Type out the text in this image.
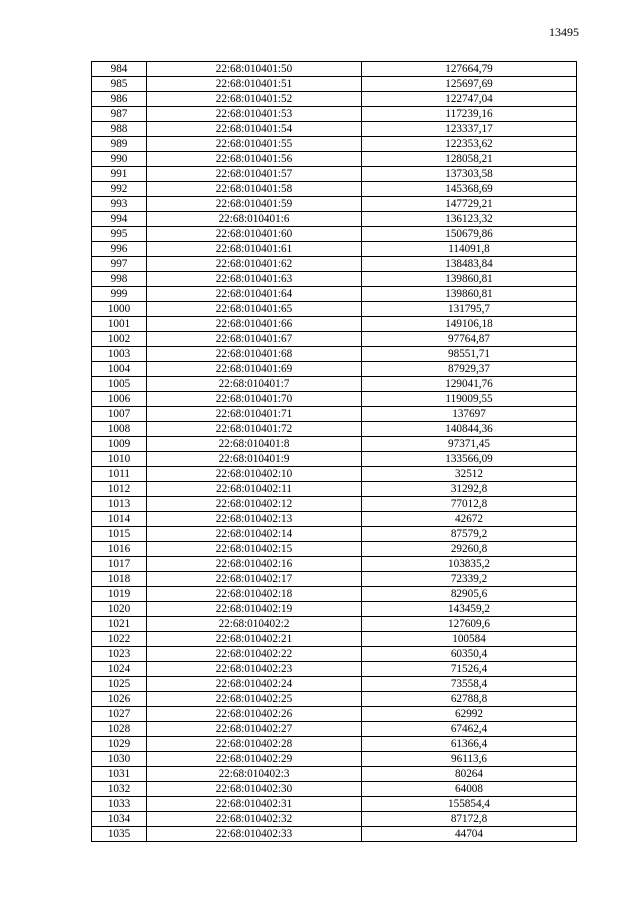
13495
984	22:68:010401:50	127664,79
985	22:68:010401:51	125697,69
986	22:68:010401:52	122747,04
987	22:68:010401:53	117239,16
988	22:68:010401:54	123337,17
989	22:68:010401:55	122353,62
990	22:68:010401:56	128058,21
991	22:68:010401:57	137303,58
992	22:68:010401:58	145368,69
993	22:68:010401:59	147729,21
994	22:68:010401:6	136123,32
995	22:68:010401:60	150679,86
996	22:68:010401:61	114091,8
997	22:68:010401:62	138483,84
998	22:68:010401:63	139860,81
999	22:68:010401:64	139860,81
1000	22:68:010401:65	131795,7
1001	22:68:010401:66	149106,18
1002	22:68:010401:67	97764,87
1003	22:68:010401:68	98551,71
1004	22:68:010401:69	87929,37
1005	22:68:010401:7	129041,76
1006	22:68:010401:70	119009,55
1007	22:68:010401:71	137697
1008	22:68:010401:72	140844,36
1009	22:68:010401:8	97371,45
1010	22:68:010401:9	133566,09
1011	22:68:010402:10	32512
1012	22:68:010402:11	31292,8
1013	22:68:010402:12	77012,8
1014	22:68:010402:13	42672
1015	22:68:010402:14	87579,2
1016	22:68:010402:15	29260,8
1017	22:68:010402:16	103835,2
1018	22:68:010402:17	72339,2
1019	22:68:010402:18	82905,6
1020	22:68:010402:19	143459,2
1021	22:68:010402:2	127609,6
1022	22:68:010402:21	100584
1023	22:68:010402:22	60350,4
1024	22:68:010402:23	71526,4
1025	22:68:010402:24	73558,4
1026	22:68:010402:25	62788,8
1027	22:68:010402:26	62992
1028	22:68:010402:27	67462,4
1029	22:68:010402:28	61366,4
1030	22:68:010402:29	96113,6
1031	22:68:010402:3	80264
1032	22:68:010402:30	64008
1033	22:68:010402:31	155854,4
1034	22:68:010402:32	87172,8
1035	22:68:010402:33	44704
